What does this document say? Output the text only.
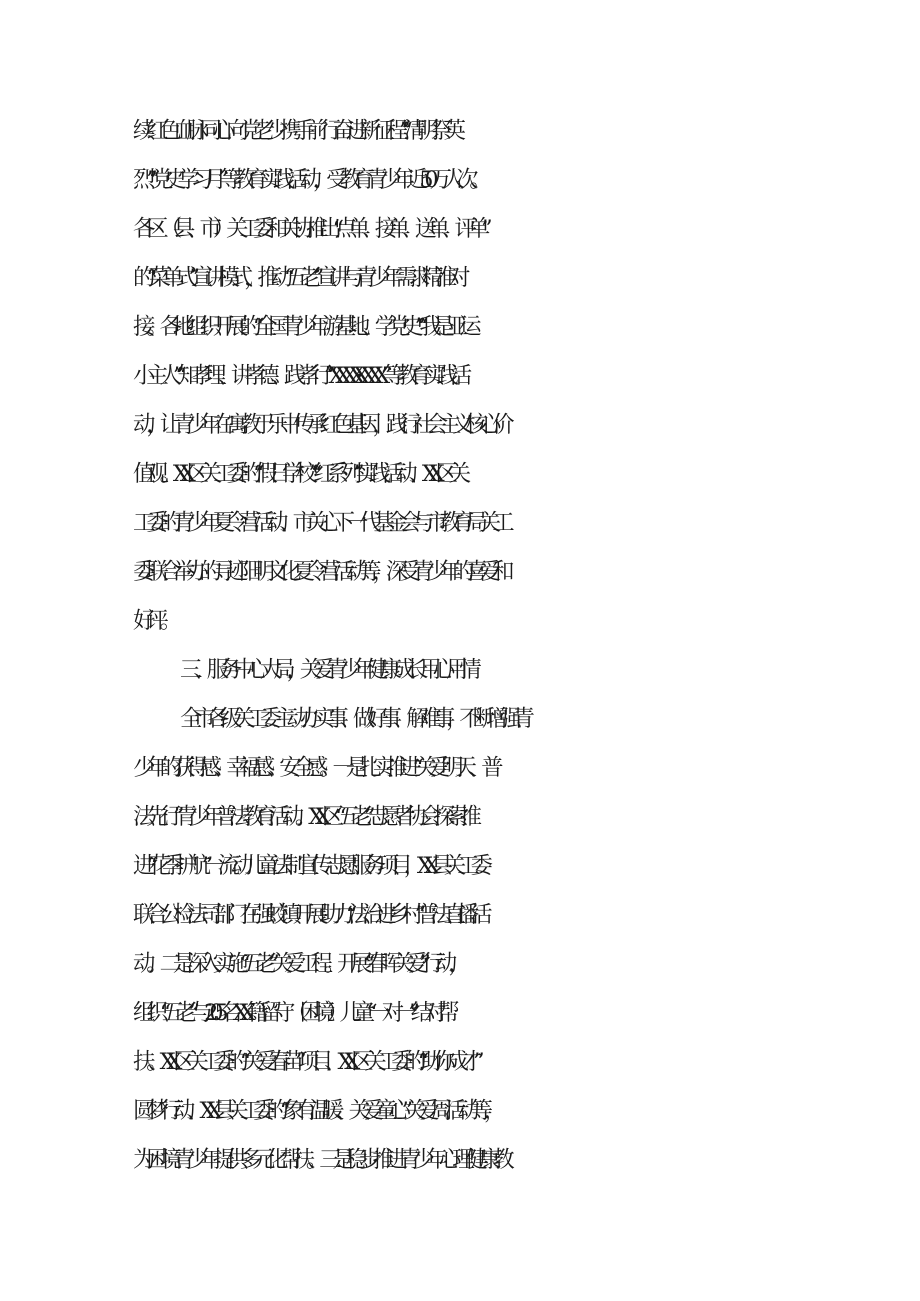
续红色血脉同心向党老少携手前行奋进新征程”“清明祭英
烈”“党史学习月”等教育实践活动，受教育青少年近50万人次。
各区（县、市）关工委和关协推出“点单、接单、送单、评单”
的“菜单式”宣讲模式，推动“五老”宣讲与青少年需求精准对
接。各地组织开展的“全国青少年游基地、学党史”“我是亚运
小主人”“知孝理、讲孝德、践孝行”“XXXX·XXXX”等教育实践活
动，让青少年在寓教于乐中传承红色基因，践行社会主义核心价
值观。XX区关工委的“假日学校”“红系列”实践活动、XX区关
工委的青少年夏令营活动、市关心下一代基金会与市教育局关工
委联合举办的寻迹阳明文化夏令营活动等，深受青少年的喜爱和
好评。
三、服务中心大局，关爱青少年健康成长用心用情
全市各级关工委主动办实事、做好事、解难事，不断增强青
少年的获得感、幸福感、安全感。一是扎实推进“关爱明天、普
法先行”青少年普法教育活动。XX区“五老”志愿者协会探索推
进“花季护航”一流动儿童法制宣传志愿服务项目，XX县关工委
联合公检法司部门在强蛟镇开展助力“法治进乡村”普法直播活
动。二是深入实施“五老”关爱工程。开展“春晖关爱”行动，
组织“五老”与205名XX籍留守（困境）儿童“一对一”结对帮
扶。XX区关工委的“关爱春苗”项目、XX区关工委的“助你成才”
圆梦行动、XX县关工委的“象有温暖、关爱童心”关爱周活动等，
为困境青少年提供多元化帮扶。三是稳步推进青少年心理健康教
